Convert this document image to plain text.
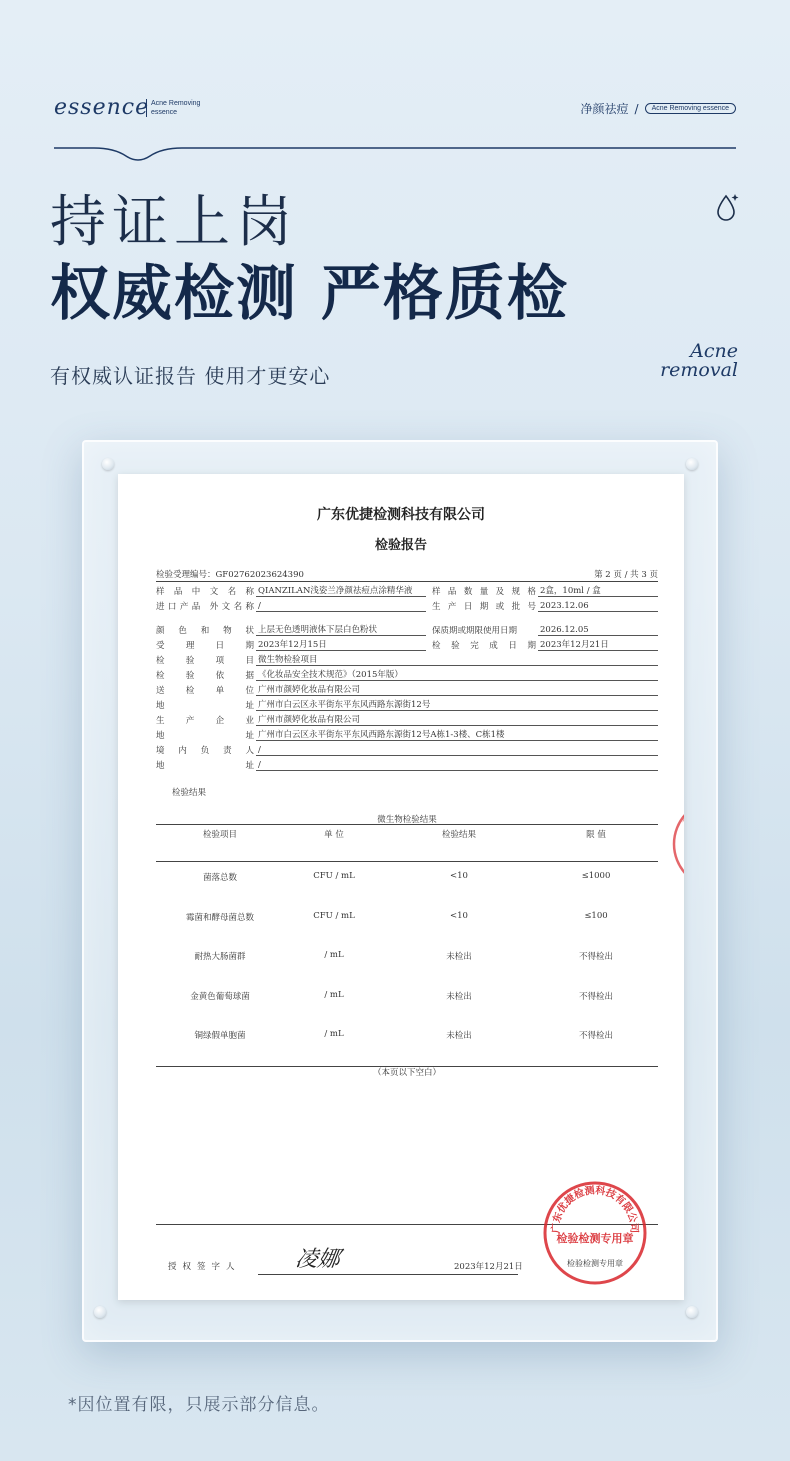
essence Acne Removing
essence	净颜祛痘 /	Acne Removing essence
持证上岗
权威检测 严格质检
有权威认证报告 使用才更安心
Acne
removal
广东优捷检测科技有限公司
检验报告
检验受理编号：GF02762023624390	第 2 页 / 共 3 页
样品中文名称 QIANZILAN浅姿兰净颜祛痘点涂精华液	样品数量及规格 2盒，10ml / 盒
进口产品 外文名称 /	生产日期或批号 2023.12.06
颜色和物状 上层无色透明液体下层白色粉状	保质期或期限使用日期	2026.12.05
受理日期 2023年12月15日	检验完成日期 2023年12月21日
检验项目 微生物检验项目
检验依据 《化妆品安全技术规范》（2015年版）
送检单位 广州市颜婷化妆品有限公司
地址 广州市白云区永平街东平东风西路东源街12号
生产企业 广州市颜婷化妆品有限公司
地址 广州市白云区永平街东平东风西路东源街12号A栋1-3楼、C栋1楼
境内负责人 /
地址 /
检验结果
微生物检验结果
检验项目	单 位	检验结果	限 值
菌落总数	CFU / mL	<10	≤1000
霉菌和酵母菌总数	CFU / mL	<10	≤100
耐热大肠菌群	/ mL	未检出	不得检出
金黄色葡萄球菌	/ mL	未检出	不得检出
铜绿假单胞菌	/ mL	未检出	不得检出
（本页以下空白）
授权签字人 凌娜	2023年12月21日
广东优捷检测科技有限公司
检验检测专用章
检验检测专用章
检…用
*因位置有限，只展示部分信息。
